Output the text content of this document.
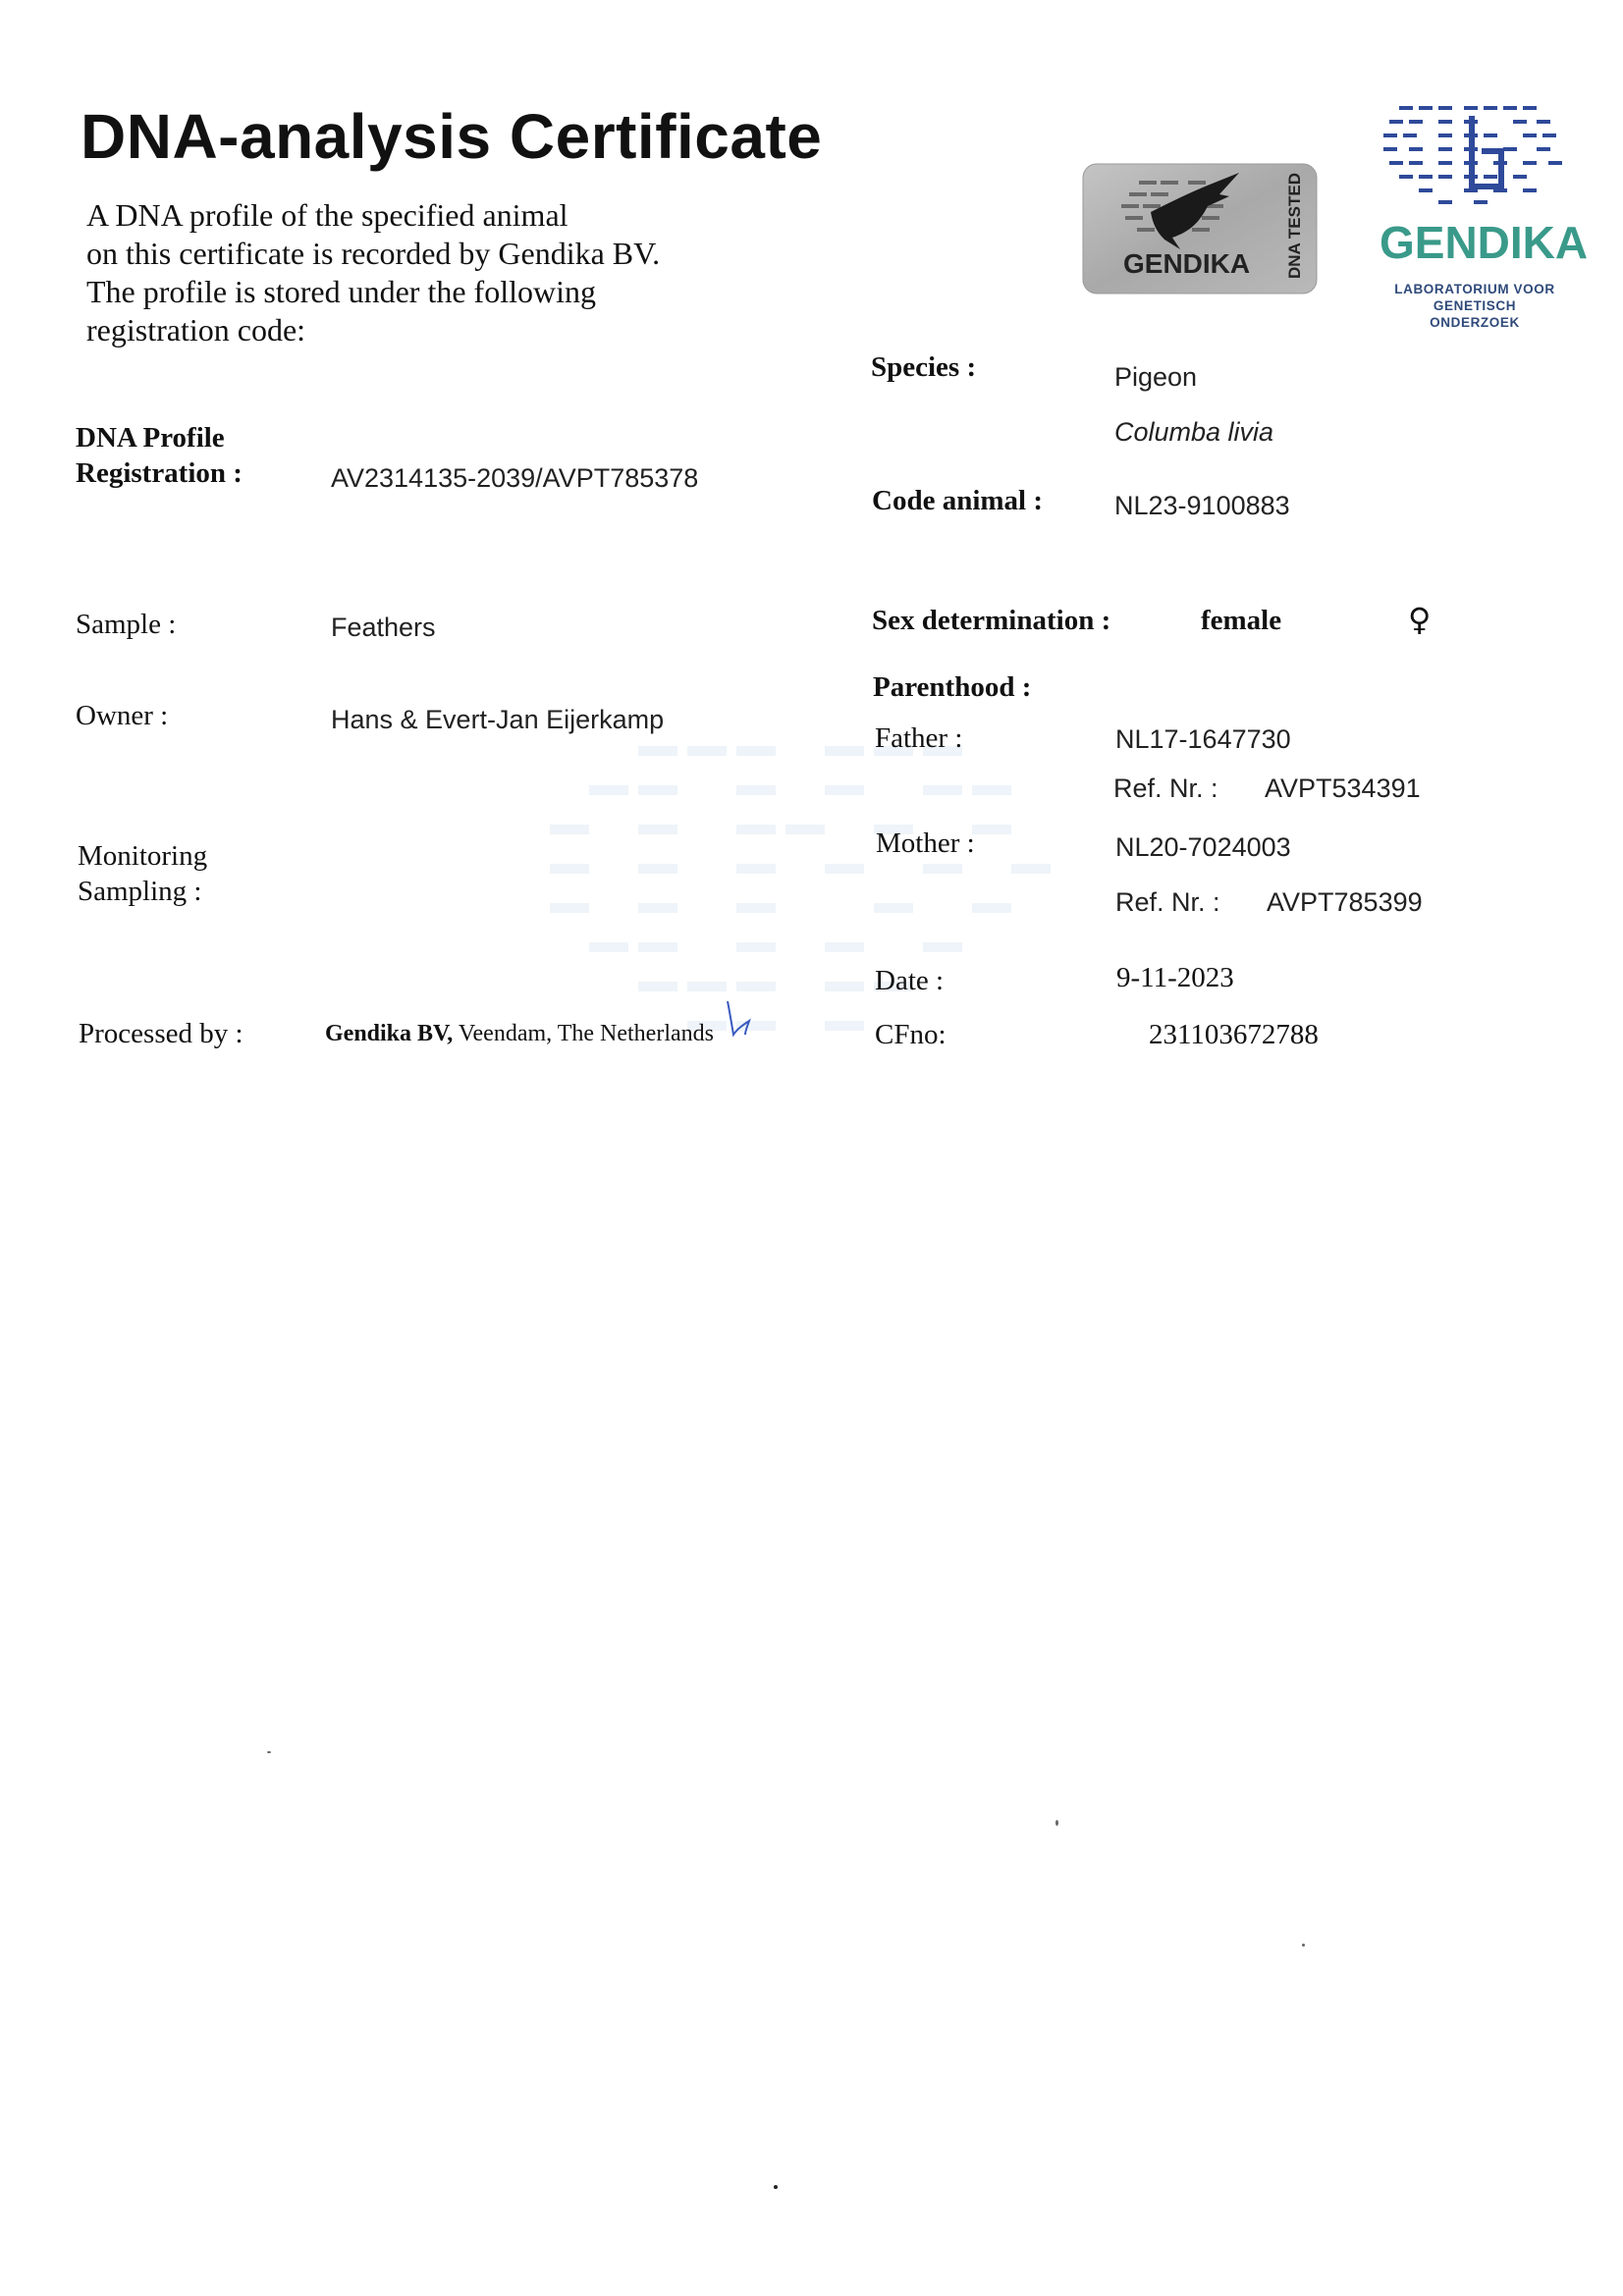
DNA-analysis Certificate
A DNA profile of the specified animal
on this certificate is recorded by Gendika BV.
The profile is stored under the following
registration code:
GENDIKA DNA TESTED GENDIKA
LABORATORIUM VOOR
GENETISCH ONDERZOEK
DNA Profile
Registration :	AV2314135-2039/AVPT785378
Sample :	Feathers
Owner :	Hans & Evert-Jan Eijerkamp
Monitoring
Sampling :
Processed by :	Gendika BV, Veendam, The Netherlands
Species :	Pigeon
Columba livia
Code animal :	NL23-9100883
Sex determination :	female	♀
Parenthood :
Father :	NL17-1647730
Ref. Nr. : AVPT534391
Mother :	NL20-7024003
Ref. Nr. : AVPT785399
Date :	9-11-2023
CFno:	231103672788
